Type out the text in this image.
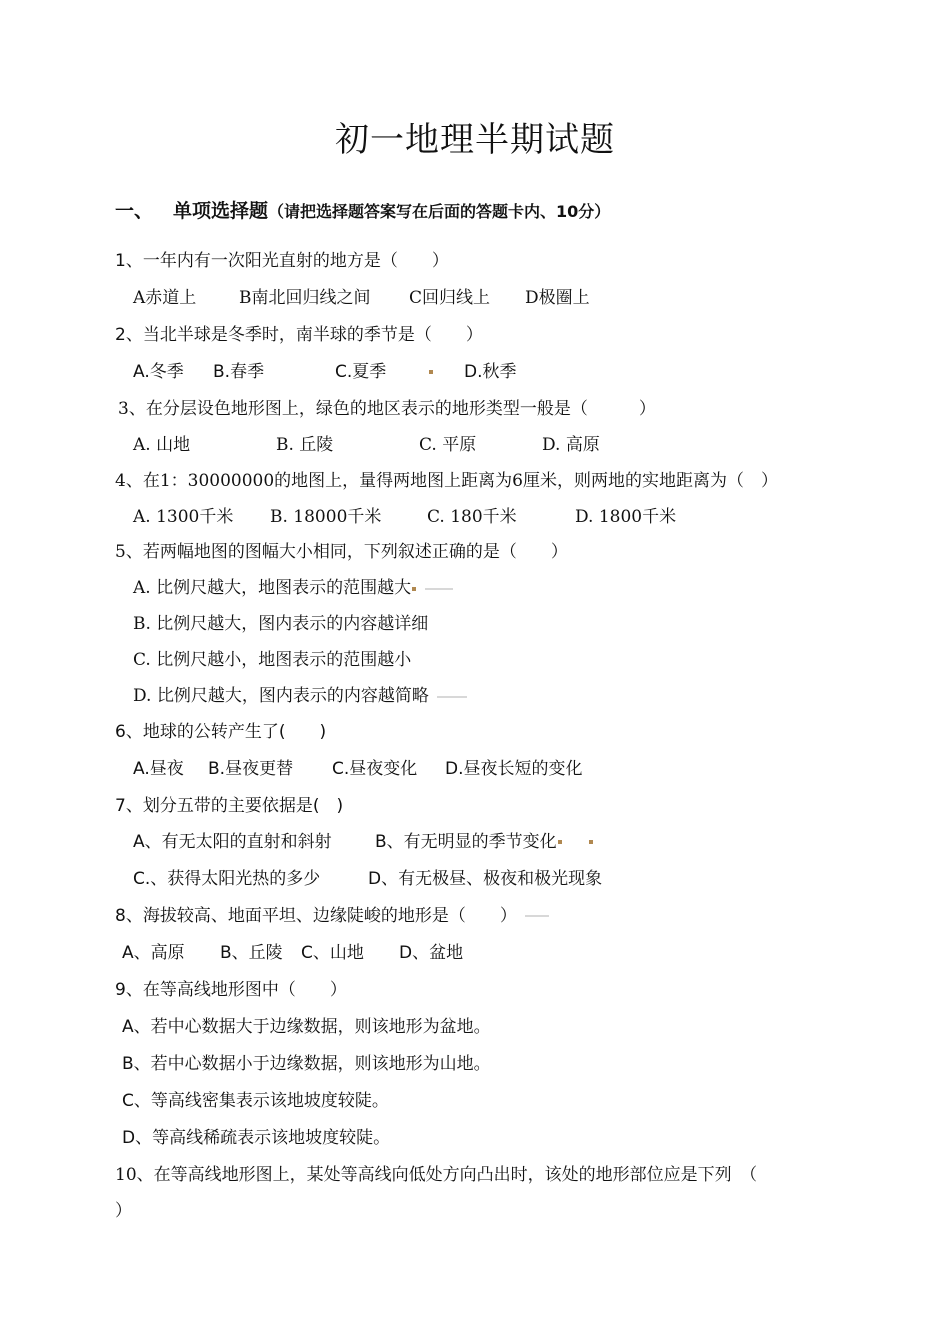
初一地理半期试题
一、 单项选择题（请把选择题答案写在后面的答题卡内、10分）
1、一年内有一次阳光直射的地方是（　　）
A赤道上	B南北回归线之间 C回归线上 D极圈上
2、当北半球是冬季时，南半球的季节是（　　）
A.冬季 B.春季	C.夏季	D.秋季
3、在分层设色地形图上，绿色的地区表示的地形类型一般是（　　　）
A. 山地	B. 丘陵	C. 平原	D. 高原
4、在1：30000000的地图上，量得两地图上距离为6厘米，则两地的实地距离为（　）
A. 1300千米 B. 18000千米	C. 180千米	D. 1800千米
5、若两幅地图的图幅大小相同，下列叙述正确的是（　　）
A. 比例尺越大，地图表示的范围越大
B. 比例尺越大，图内表示的内容越详细
C. 比例尺越小，地图表示的范围越小
D. 比例尺越大，图内表示的内容越简略
6、地球的公转产生了(　　)
A.昼夜 B.昼夜更替 C.昼夜变化 D.昼夜长短的变化
7、划分五带的主要依据是(　)
A、有无太阳的直射和斜射	B、有无明显的季节变化
C.、获得太阳光热的多少	D、有无极昼、极夜和极光现象
8、海拔较高、地面平坦、边缘陡峻的地形是（　　）
A、高原 B、丘陵 C、山地 D、盆地
9、在等高线地形图中（　　）
A、若中心数据大于边缘数据，则该地形为盆地。
B、若中心数据小于边缘数据，则该地形为山地。
C、等高线密集表示该地坡度较陡。
D、等高线稀疏表示该地坡度较陡。
10、在等高线地形图上，某处等高线向低处方向凸出时，该处的地形部位应是下列　（
）
